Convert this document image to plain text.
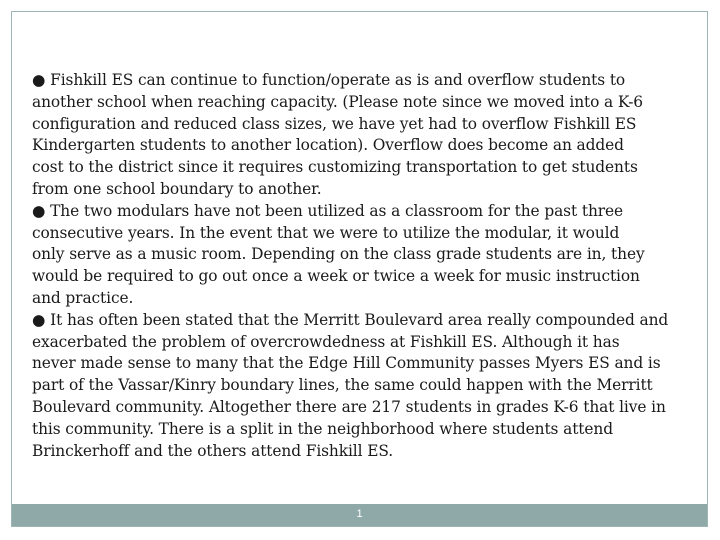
● Fishkill ES can continue to function/operate as is and overflow students to
another school when reaching capacity. (Please note since we moved into a K-6
configuration and reduced class sizes, we have yet had to overflow Fishkill ES
Kindergarten students to another location). Overflow does become an added
cost to the district since it requires customizing transportation to get students
from one school boundary to another.
● The two modulars have not been utilized as a classroom for the past three
consecutive years. In the event that we were to utilize the modular, it would
only serve as a music room. Depending on the class grade students are in, they
would be required to go out once a week or twice a week for music instruction
and practice.
● It has often been stated that the Merritt Boulevard area really compounded and
exacerbated the problem of overcrowdedness at Fishkill ES. Although it has
never made sense to many that the Edge Hill Community passes Myers ES and is
part of the Vassar/Kinry boundary lines, the same could happen with the Merritt
Boulevard community. Altogether there are 217 students in grades K-6 that live in
this community. There is a split in the neighborhood where students attend
Brinckerhoff and the others attend Fishkill ES.
1
